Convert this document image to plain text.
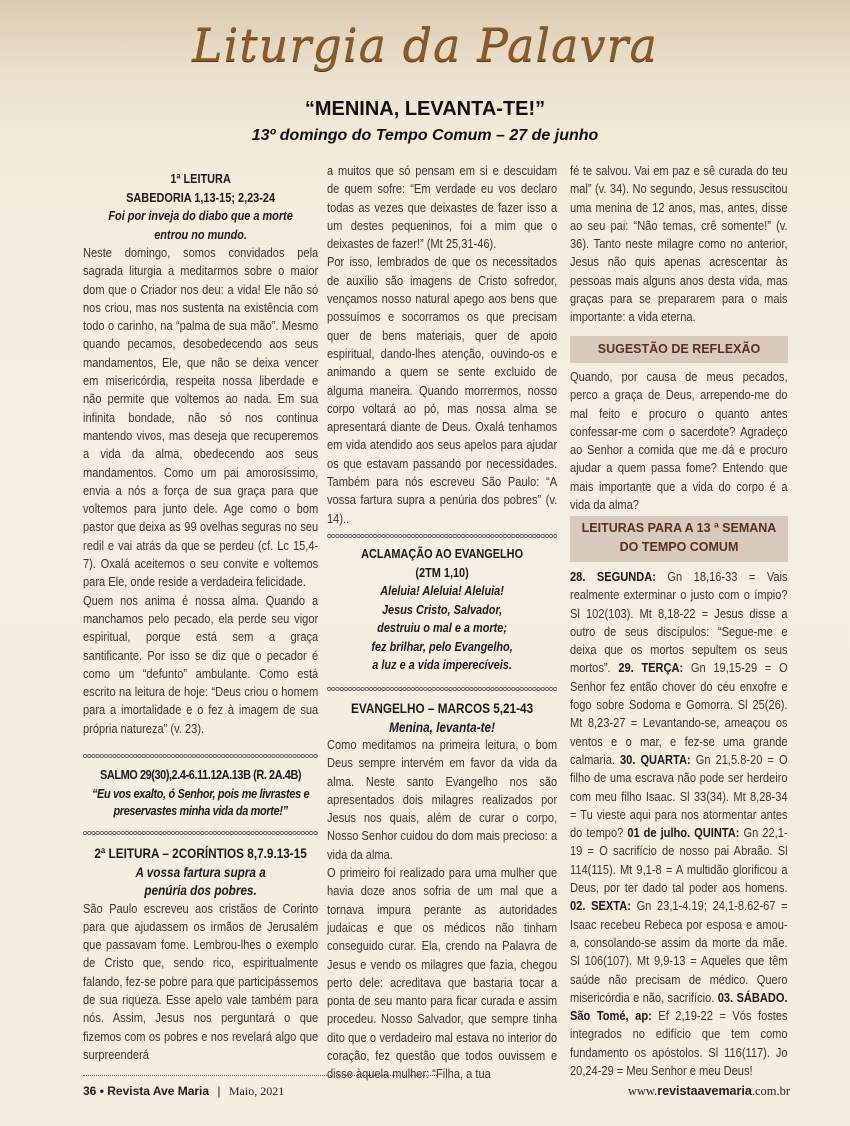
Liturgia da Palavra
“MENINA, LEVANTA-TE!”
13º domingo do Tempo Comum – 27 de junho
1ª LEITURA
SABEDORIA 1,13-15; 2,23-24
Foi por inveja do diabo que a morte entrou no mundo.

Neste domingo, somos convidados pela sagrada liturgia a meditarmos sobre o maior dom que o Criador nos deu: a vida! Ele não só nos criou, mas nos sustenta na existência com todo o carinho, na “palma de sua mão”. Mesmo quando pecamos, desobedecendo aos seus mandamentos, Ele, que não se deixa vencer em misericórdia, respeita nossa liberdade e não permite que voltemos ao nada. Em sua infinita bondade, não só nos continua mantendo vivos, mas deseja que recuperemos a vida da alma, obedecendo aos seus mandamentos. Como um pai amorosíssimo, envia a nós a força de sua graça para que voltemos para junto dele. Age como o bom pastor que deixa as 99 ovelhas seguras no seu redil e vai atrás da que se perdeu (cf. Lc 15,4-7). Oxalá aceitemos o seu convite e voltemos para Ele, onde reside a verdadeira felicidade.

Quem nos anima é nossa alma. Quando a manchamos pelo pecado, ela perde seu vigor espiritual, porque está sem a graça santificante. Por isso se diz que o pecador é como um “defunto” ambulante. Como está escrito na leitura de hoje: “Deus criou o homem para a imortalidade e o fez à imagem de sua própria natureza” (v. 23).

SALMO 29(30),2.4-6.11.12A.13B (R. 2A.4B)
“Eu vos exalto, ó Senhor, pois me livrastes e preservastes minha vida da morte!”
2ª LEITURA – 2CORÍNTIOS 8,7.9.13-15
A vossa fartura supra a penúria dos pobres.

São Paulo escreveu aos cristãos de Corinto para que ajudassem os irmãos de Jerusalém que passavam fome. Lembrou-lhes o exemplo de Cristo que, sendo rico, espiritualmente falando, fez-se pobre para que participássemos de sua riqueza. Esse apelo vale também para nós. Assim, Jesus nos perguntará o que fizemos com os pobres e nos revelará algo que surpreenderá

a muitos que só pensam em si e descuidam de quem sofre: “Em verdade eu vos declaro todas as vezes que deixastes de fazer isso a um destes pequeninos, foi a mim que o deixastes de fazer!” (Mt 25,31-46).

Por isso, lembrados de que os necessitados de auxílio são imagens de Cristo sofredor, vençamos nosso natural apego aos bens que possuímos e socorramos os que precisam quer de bens materiais, quer de apoio espiritual, dando-lhes atenção, ouvindo-os e animando a quem se sente excluído de alguma maneira. Quando morrermos, nosso corpo voltará ao pó, mas nossa alma se apresentará diante de Deus. Oxalá tenhamos em vida atendido aos seus apelos para ajudar os que estavam passando por necessidades. Também para nós escreveu São Paulo: “A vossa fartura supra a penúria dos pobres” (v. 14)..

ACLAMAÇÃO AO EVANGELHO
(2TM 1,10)
Aleluia! Aleluia! Aleluia!
Jesus Cristo, Salvador,
destruiu o mal e a morte;
fez brilhar, pelo Evangelho,
a luz e a vida imperecíveis.
EVANGELHO – MARCOS 5,21-43
Menina, levanta-te!

Como meditamos na primeira leitura, o bom Deus sempre intervém em favor da vida da alma. Neste santo Evangelho nos são apresentados dois milagres realizados por Jesus nos quais, além de curar o corpo, Nosso Senhor cuidou do dom mais precioso: a vida da alma.

O primeiro foi realizado para uma mulher que havia doze anos sofria de um mal que a tornava impura perante as autoridades judaicas e que os médicos não tinham conseguido curar. Ela, crendo na Palavra de Jesus e vendo os milagres que fazia, chegou perto dele: acreditava que bastaria tocar a ponta de seu manto para ficar curada e assim procedeu. Nosso Salvador, que sempre tinha dito que o verdadeiro mal estava no interior do coração, fez questão que todos ouvissem e disse àquela mulher: “Filha, a tua

fé te salvou. Vai em paz e sê curada do teu mal” (v. 34). No segundo, Jesus ressuscitou uma menina de 12 anos, mas, antes, disse ao seu pai: “Não temas, crê somente!” (v. 36). Tanto neste milagre como no anterior, Jesus não quis apenas acrescentar às pessoas mais alguns anos desta vida, mas graças para se prepararem para o mais importante: a vida eterna.

SUGESTÃO DE REFLEXÃO
Quando, por causa de meus pecados, perco a graça de Deus, arrependo-me do mal feito e procuro o quanto antes confessar-me com o sacerdote? Agradeço ao Senhor a comida que me dá e procuro ajudar a quem passa fome? Entendo que mais importante que a vida do corpo é a vida da alma?
LEITURAS PARA A 13 ª SEMANA
DO TEMPO COMUM
28. SEGUNDA: Gn 18,16-33 = Vais realmente exterminar o justo com o ímpio? Sl 102(103). Mt 8,18-22 = Jesus disse a outro de seus discípulos: “Segue-me e deixa que os mortos sepultem os seus mortos”. 29. TERÇA: Gn 19,15-29 = O Senhor fez então chover do céu enxofre e fogo sobre Sodoma e Gomorra. Sl 25(26). Mt 8,23-27 = Levantando-se, ameaçou os ventos e o mar, e fez-se uma grande calmaria. 30. QUARTA: Gn 21,5.8-20 = O filho de uma escrava não pode ser herdeiro com meu filho Isaac. Sl 33(34). Mt 8,28-34 = Tu vieste aqui para nos atormentar antes do tempo? 01 de julho. QUINTA: Gn 22,1-19 = O sacrifício de nosso pai Abraão. Sl 114(115). Mt 9,1-8 = A multidão glorificou a Deus, por ter dado tal poder aos homens. 02. SEXTA: Gn 23,1-4.19; 24,1-8.62-67 = Isaac recebeu Rebeca por esposa e amou-a, consolando-se assim da morte da mãe. Sl 106(107). Mt 9,9-13 = Aqueles que têm saúde não precisam de médico. Quero misericórdia e não, sacrifício. 03. SÁBADO. São Tomé, ap: Ef 2,19-22 = Vós fostes integrados no edifício que tem como fundamento os apóstolos. Sl 116(117). Jo 20,24-29 = Meu Senhor e meu Deus!
36 • Revista Ave Maria | Maio, 2021	www.revistaavemaria.com.br
